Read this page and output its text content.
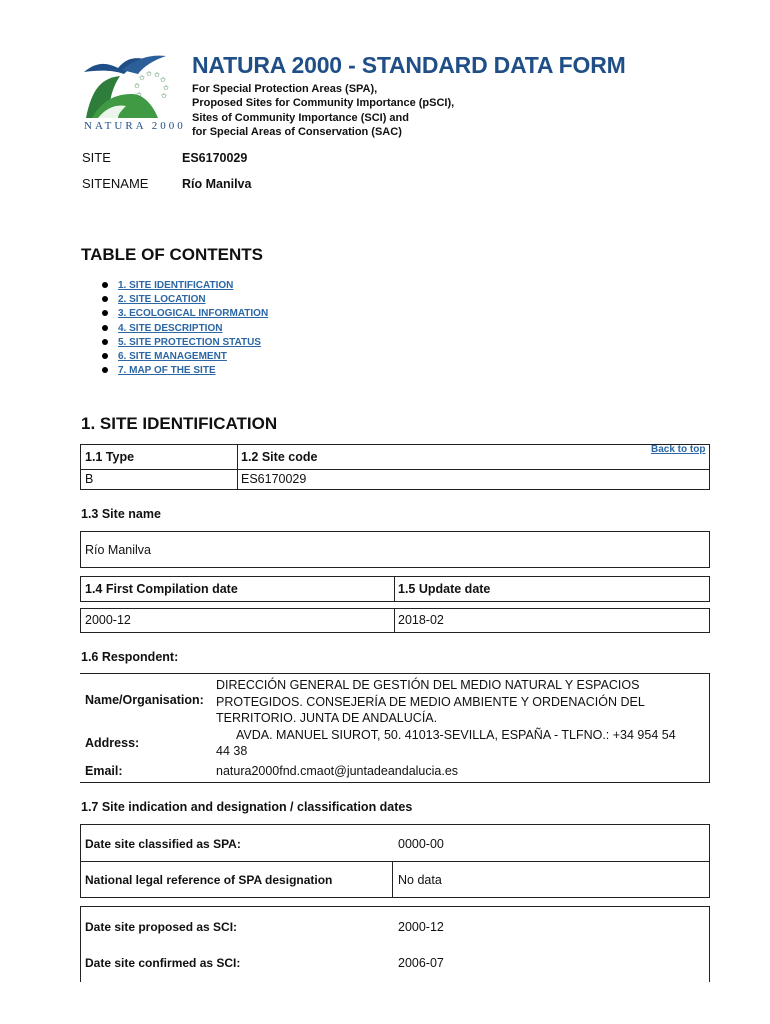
✩
✩ ✩ ✩
✩
✩
✩
✩
NATURA 2000
NATURA 2000 - STANDARD DATA FORM
For Special Protection Areas (SPA),
Proposed Sites for Community Importance (pSCI),
Sites of Community Importance (SCI) and
for Special Areas of Conservation (SAC)
SITE	ES6170029
SITENAME	Río Manilva
TABLE OF CONTENTS
1. SITE IDENTIFICATION
2. SITE LOCATION
3. ECOLOGICAL INFORMATION
4. SITE DESCRIPTION
5. SITE PROTECTION STATUS
6. SITE MANAGEMENT
7. MAP OF THE SITE
1. SITE IDENTIFICATION
Back to top
1.1 Type	1.2 Site code
B	ES6170029
1.3 Site name
Río Manilva
1.4 First Compilation date	1.5 Update date
2000-12	2018-02
1.6 Respondent:
Name/Organisation:
DIRECCIÓN GENERAL DE GESTIÓN DEL MEDIO NATURAL Y ESPACIOS
PROTEGIDOS. CONSEJERÍA DE MEDIO AMBIENTE Y ORDENACIÓN DEL
TERRITORIO. JUNTA DE ANDALUCÍA.
Address:
AVDA. MANUEL SIUROT, 50. 41013-SEVILLA, ESPAÑA - TLFNO.: +34 954 54
44 38
Email:	natura2000fnd.cmaot@juntadeandalucia.es
1.7 Site indication and designation / classification dates
Date site classified as SPA:	0000-00
National legal reference of SPA designation	No data
Date site proposed as SCI:	2000-12
Date site confirmed as SCI:	2006-07
